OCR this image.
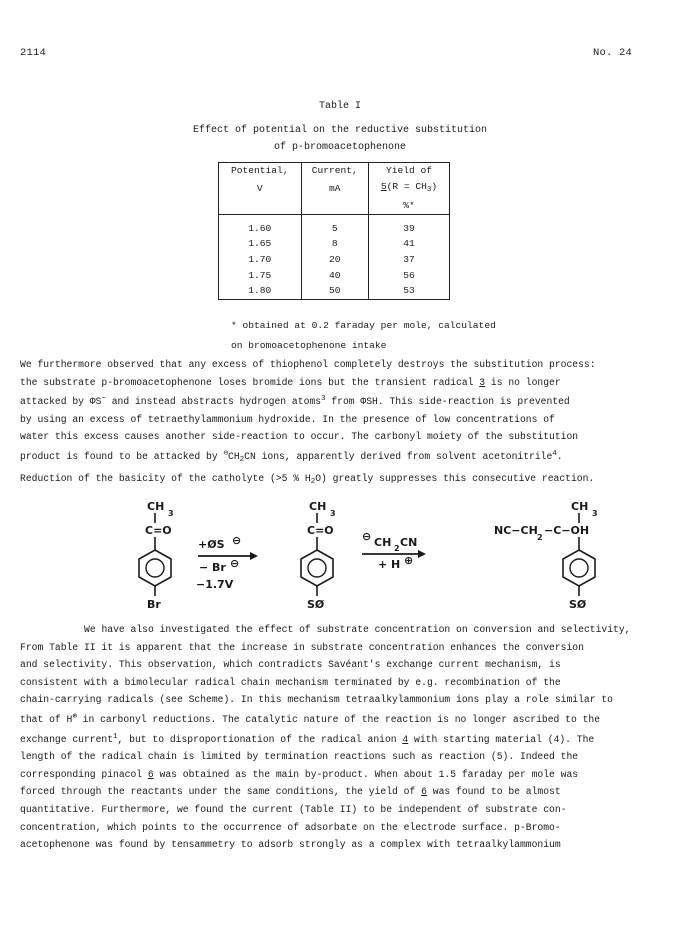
2114	No. 24
Table I
Effect of potential on the reductive substitution
of p-bromoacetophenone
Potential,	Current,	Yield of
V	mA	$5(R = CH_3)$
		%*

1.60	5	39
1.65	8	41
1.70	20	37
1.75	40	56
1.80	50	53
* obtained at 0.2 faraday per mole, calculated
on bromoacetophenone intake
We furthermore observed that any excess of thiophenol completely destroys the substitution process:
the substrate p-bromoacetophenone loses bromide ions but the transient radical 3 is no longer
attacked by ΦS− and instead abstracts hydrogen atoms$^3$ from ΦSH. This side-reaction is prevented
by using an excess of tetraethylammonium hydroxide. In the presence of low concentrations of
water this excess causes another side-reaction to occur. The carbonyl moiety of the substitution
product is found to be attacked by $^⊖CH_2CN$ ions, apparently derived from solvent acetonitrile$^4$.
Reduction of the basicity of the catholyte (>5 % $H_2O$) greatly suppresses this consecutive reaction.
CH
3
C=O
Br
+ØS ⊖
− Br ⊖
−1.7V
CH
3
C=O
SØ
⊖ CH 2 CN
+ H ⊕
CH
3
NC−CH
2
−C−OH
SØ
We have also investigated the effect of substrate concentration on conversion and selectivity,
From Table II it is apparent that the increase in substrate concentration enhances the conversion
and selectivity. This observation, which contradicts Savéant's exchange current mechanism, is
consistent with a bimolecular radical chain mechanism terminated by e.g. recombination of the
chain-carrying radicals (see Scheme). In this mechanism tetraalkylammonium ions play a role similar to
that of H⊕ in carbonyl reductions. The catalytic nature of the reaction is no longer ascribed to the
exchange current$^1$, but to disproportionation of the radical anion 4 with starting material (4). The
length of the radical chain is limited by termination reactions such as reaction (5). Indeed the
corresponding pinacol 6 was obtained as the main by-product. When about 1.5 faraday per mole was
forced through the reactants under the same conditions, the yield of 6 was found to be almost
quantitative. Furthermore, we found the current (Table II) to be independent of substrate con-
concentration, which points to the occurrence of adsorbate on the electrode surface. p-Bromo-
acetophenone was found by tensammetry to adsorb strongly as a complex with tetraalkylammonium
